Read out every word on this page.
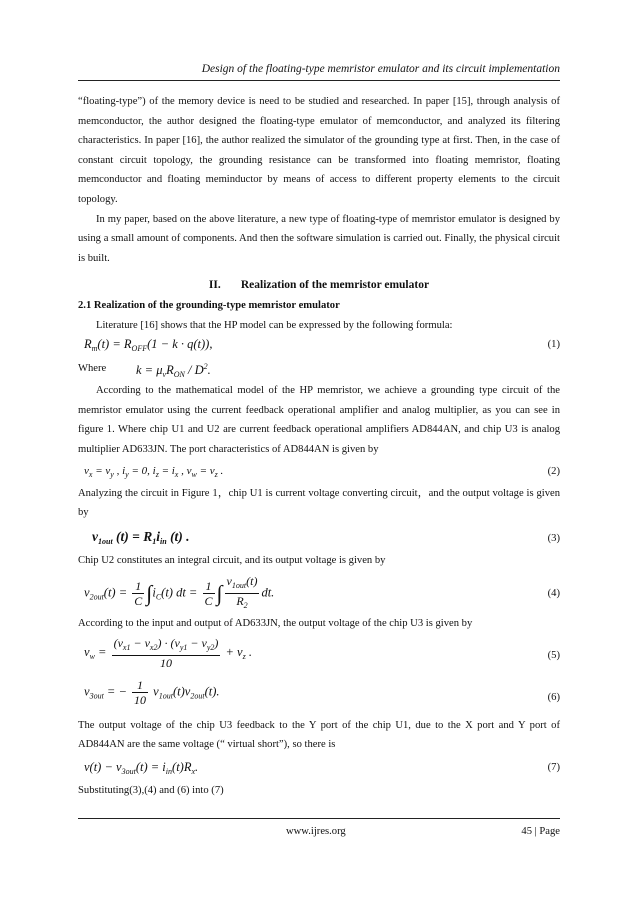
Design of the floating-type memristor emulator and its circuit implementation

“floating-type”) of the memory device is need to be studied and researched. In paper [15], through analysis of memconductor, the author designed the floating-type emulator of memconductor, and analyzed its filtering characteristics. In paper [16], the author realized the simulator of the grounding type at first. Then, in the case of constant circuit topology, the grounding resistance can be transformed into floating memristor, floating memconductor and floating meminductor by means of access to different property elements to the circuit topology.

In my paper, based on the above literature, a new type of floating-type of memristor emulator is designed by using a small amount of components. And then the software simulation is carried out. Finally, the physical circuit is built.

II. Realization of the memristor emulator

2.1 Realization of the grounding-type memristor emulator

Literature [16] shows that the HP model can be expressed by the following formula:

$R_m(t) = R_{OFF}(1 - k \cdot q(t))$,	(1)
Where $k = \mu_vR_{ON} / D^2$.

According to the mathematical model of the HP memristor, we achieve a grounding type circuit of the memristor emulator using the current feedback operational amplifier and analog multiplier, as you can see in figure 1. Where chip U1 and U2 are current feedback operational amplifiers AD844AN, and chip U3 is analog multiplier AD633JN. The port characteristics of AD844AN is given by

$v_x = v_y$ , $i_y = 0$, $i_z = i_x$ , $v_w = v_z$ .	(2)

Analyzing the circuit in Figure 1，chip U1 is current voltage converting circuit，and the output voltage is given by

$v_{1out}$ $(t) = R_1i_{in}$ (t) .	(3)

Chip U2 constitutes an integral circuit, and its output voltage is given by

$v_{2out}(t) = \frac{1}{C} \int i_C(t)$ dt = $\frac{1}{C}$ ∫ $\frac{v_{1out}(t)}{R_2}$ dt.	(4)

According to the input and output of AD633JN, the output voltage of the chip U3 is given by

$v_w = \frac{(v_{x1} - v_{x2}) \cdot (v_{y1} - v_{y2})}{10} + v_z$ .	(5)
$v_{3out}$ = − $\frac{1}{10} v_{1out}(t)v_{2out}(t)$.	(6)

The output voltage of the chip U3 feedback to the Y port of the chip U1, due to the X port and Y port of AD844AN are the same voltage (“ virtual short”), so there is

$v(t) - v_{3out}(t) = i_{in}(t)R_x$.	(7)

Substituting(3),(4) and (6) into (7)

www.ijres.org	45 | Page
